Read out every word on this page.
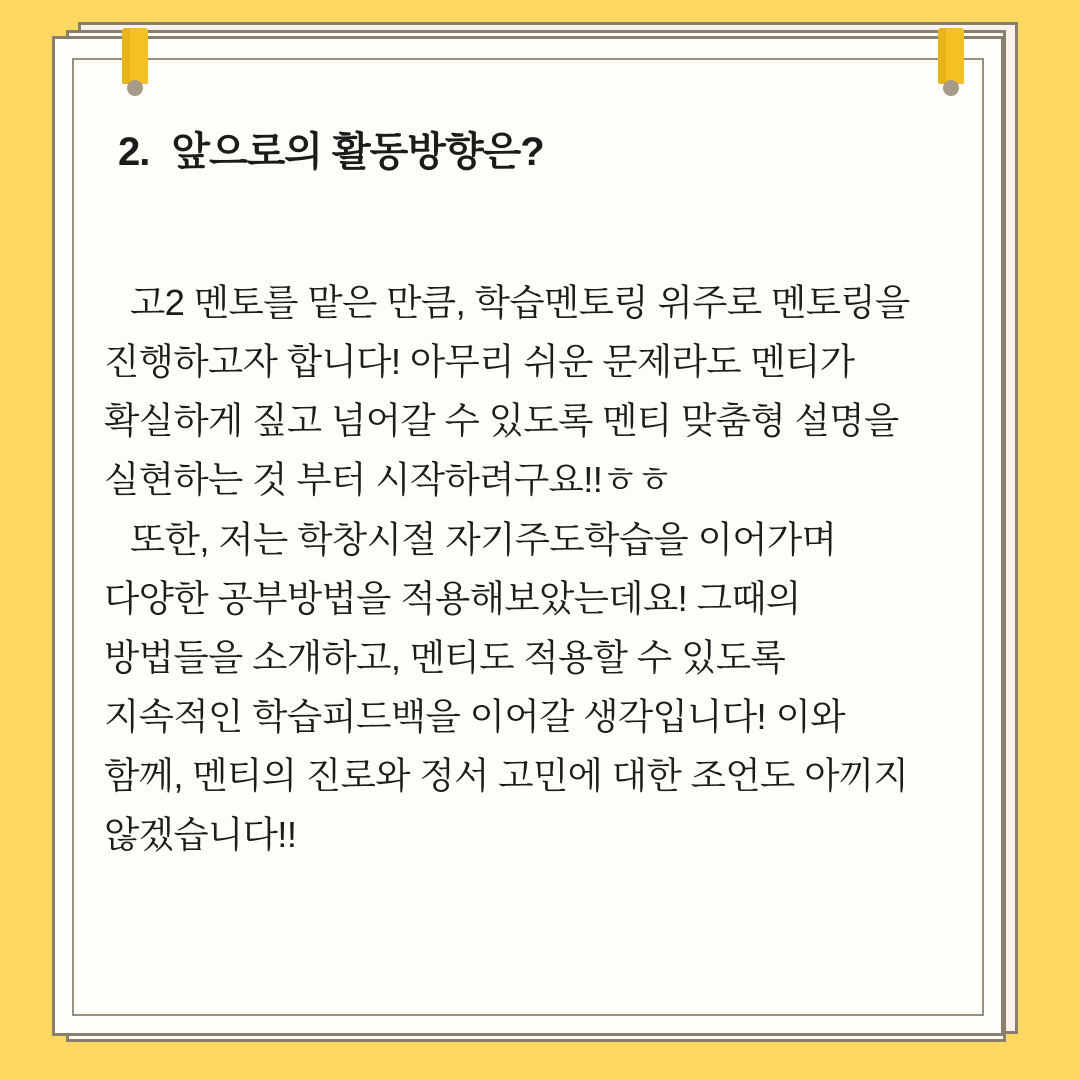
2. 앞으로의 활동방향은?

고2 멘토를 맡은 만큼, 학습멘토링 위주로 멘토링을 진행하고자 합니다! 아무리 쉬운 문제라도 멘티가 확실하게 짚고 넘어갈 수 있도록 멘티 맞춤형 설명을 실현하는 것 부터 시작하려구요!!ㅎㅎ

또한, 저는 학창시절 자기주도학습을 이어가며 다양한 공부방법을 적용해보았는데요! 그때의 방법들을 소개하고, 멘티도 적용할 수 있도록 지속적인 학습피드백을 이어갈 생각입니다! 이와 함께, 멘티의 진로와 정서 고민에 대한 조언도 아끼지 않겠습니다!!
